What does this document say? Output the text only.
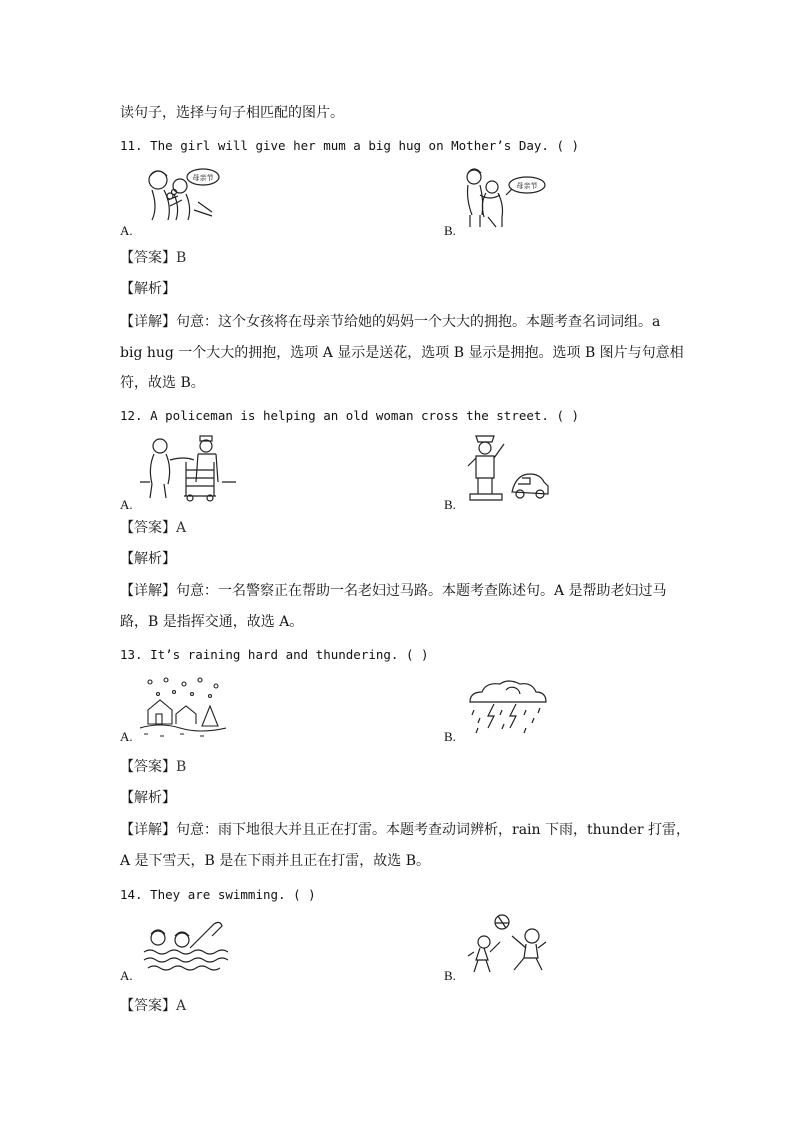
读句子，选择与句子相匹配的图片。
11. The girl will give her mum a big hug on Mother’s Day. ( )
母亲节
A.
母亲节
B.
【答案】B
【解析】
【详解】句意：这个女孩将在母亲节给她的妈妈一个大大的拥抱。本题考查名词词组。a
big hug 一个大大的拥抱，选项 A 显示是送花，选项 B 显示是拥抱。选项 B 图片与句意相
符，故选 B。
12. A policeman is helping an old woman cross the street. ( )
A.	B.
【答案】A
【解析】
【详解】句意：一名警察正在帮助一名老妇过马路。本题考查陈述句。A 是帮助老妇过马
路，B 是指挥交通，故选 A。
13. It’s raining hard and thundering. ( )
A.	B.
【答案】B
【解析】
【详解】句意：雨下地很大并且正在打雷。本题考查动词辨析，rain 下雨，thunder 打雷，
A 是下雪天，B 是在下雨并且正在打雷，故选 B。
14. They are swimming. ( )
A.	B.
【答案】A
